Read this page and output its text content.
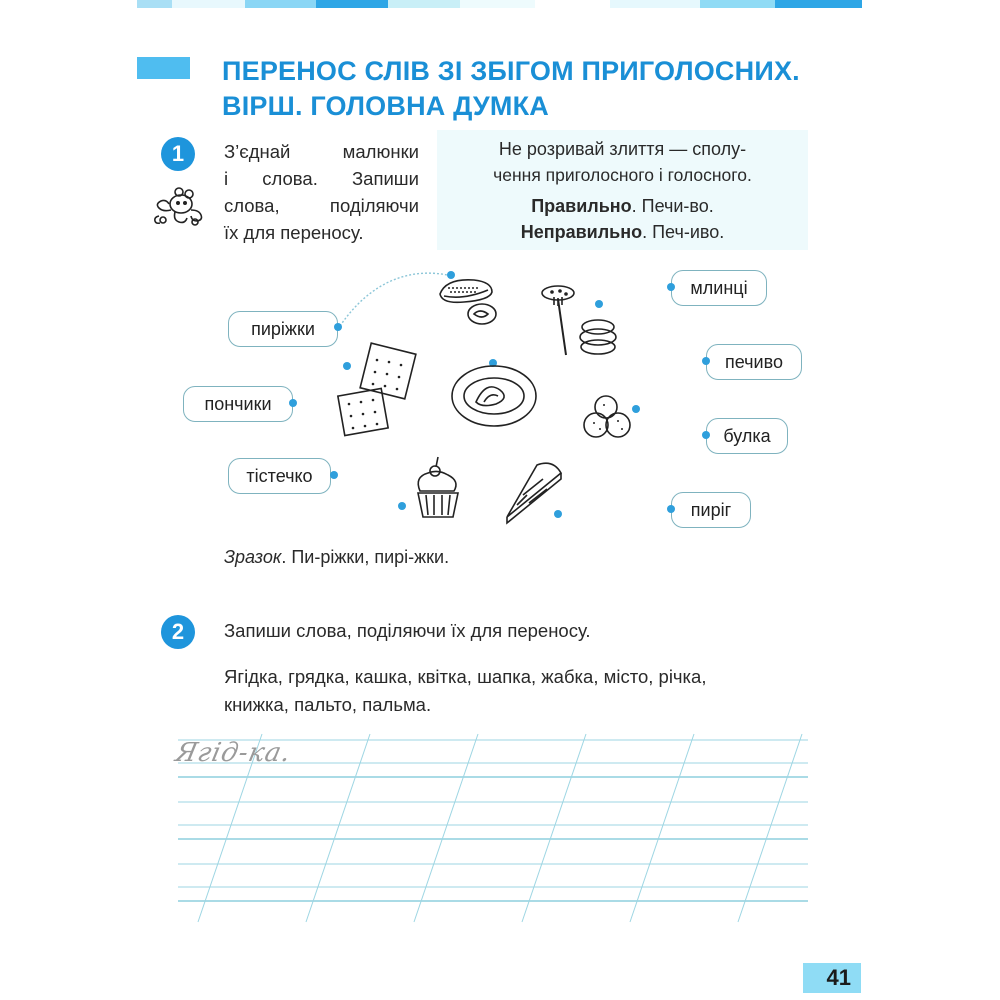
ПЕРЕНОС СЛІВ ЗІ ЗБІГОМ ПРИГОЛОСНИХ.
ВІРШ. ГОЛОВНА ДУМКА
1	З’єднай малюнки
і слова. Запиши
слова, поділяючи
їх для переносу.
Не розривай злиття — сполу-
чення приголосного і голосного.
Правильно. Печи-во.
Неправильно. Печ-иво.
пиріжки
пончики
тістечко
млинці
печиво
булка
пиріг
Зразок. Пи-ріжки, пирі-жки.
2	Запиши слова, поділяючи їх для переносу.
Ягідка, грядка, кашка, квітка, шапка, жабка, місто, річка,
книжка, пальто, пальма.
Ягід-ка.
41
